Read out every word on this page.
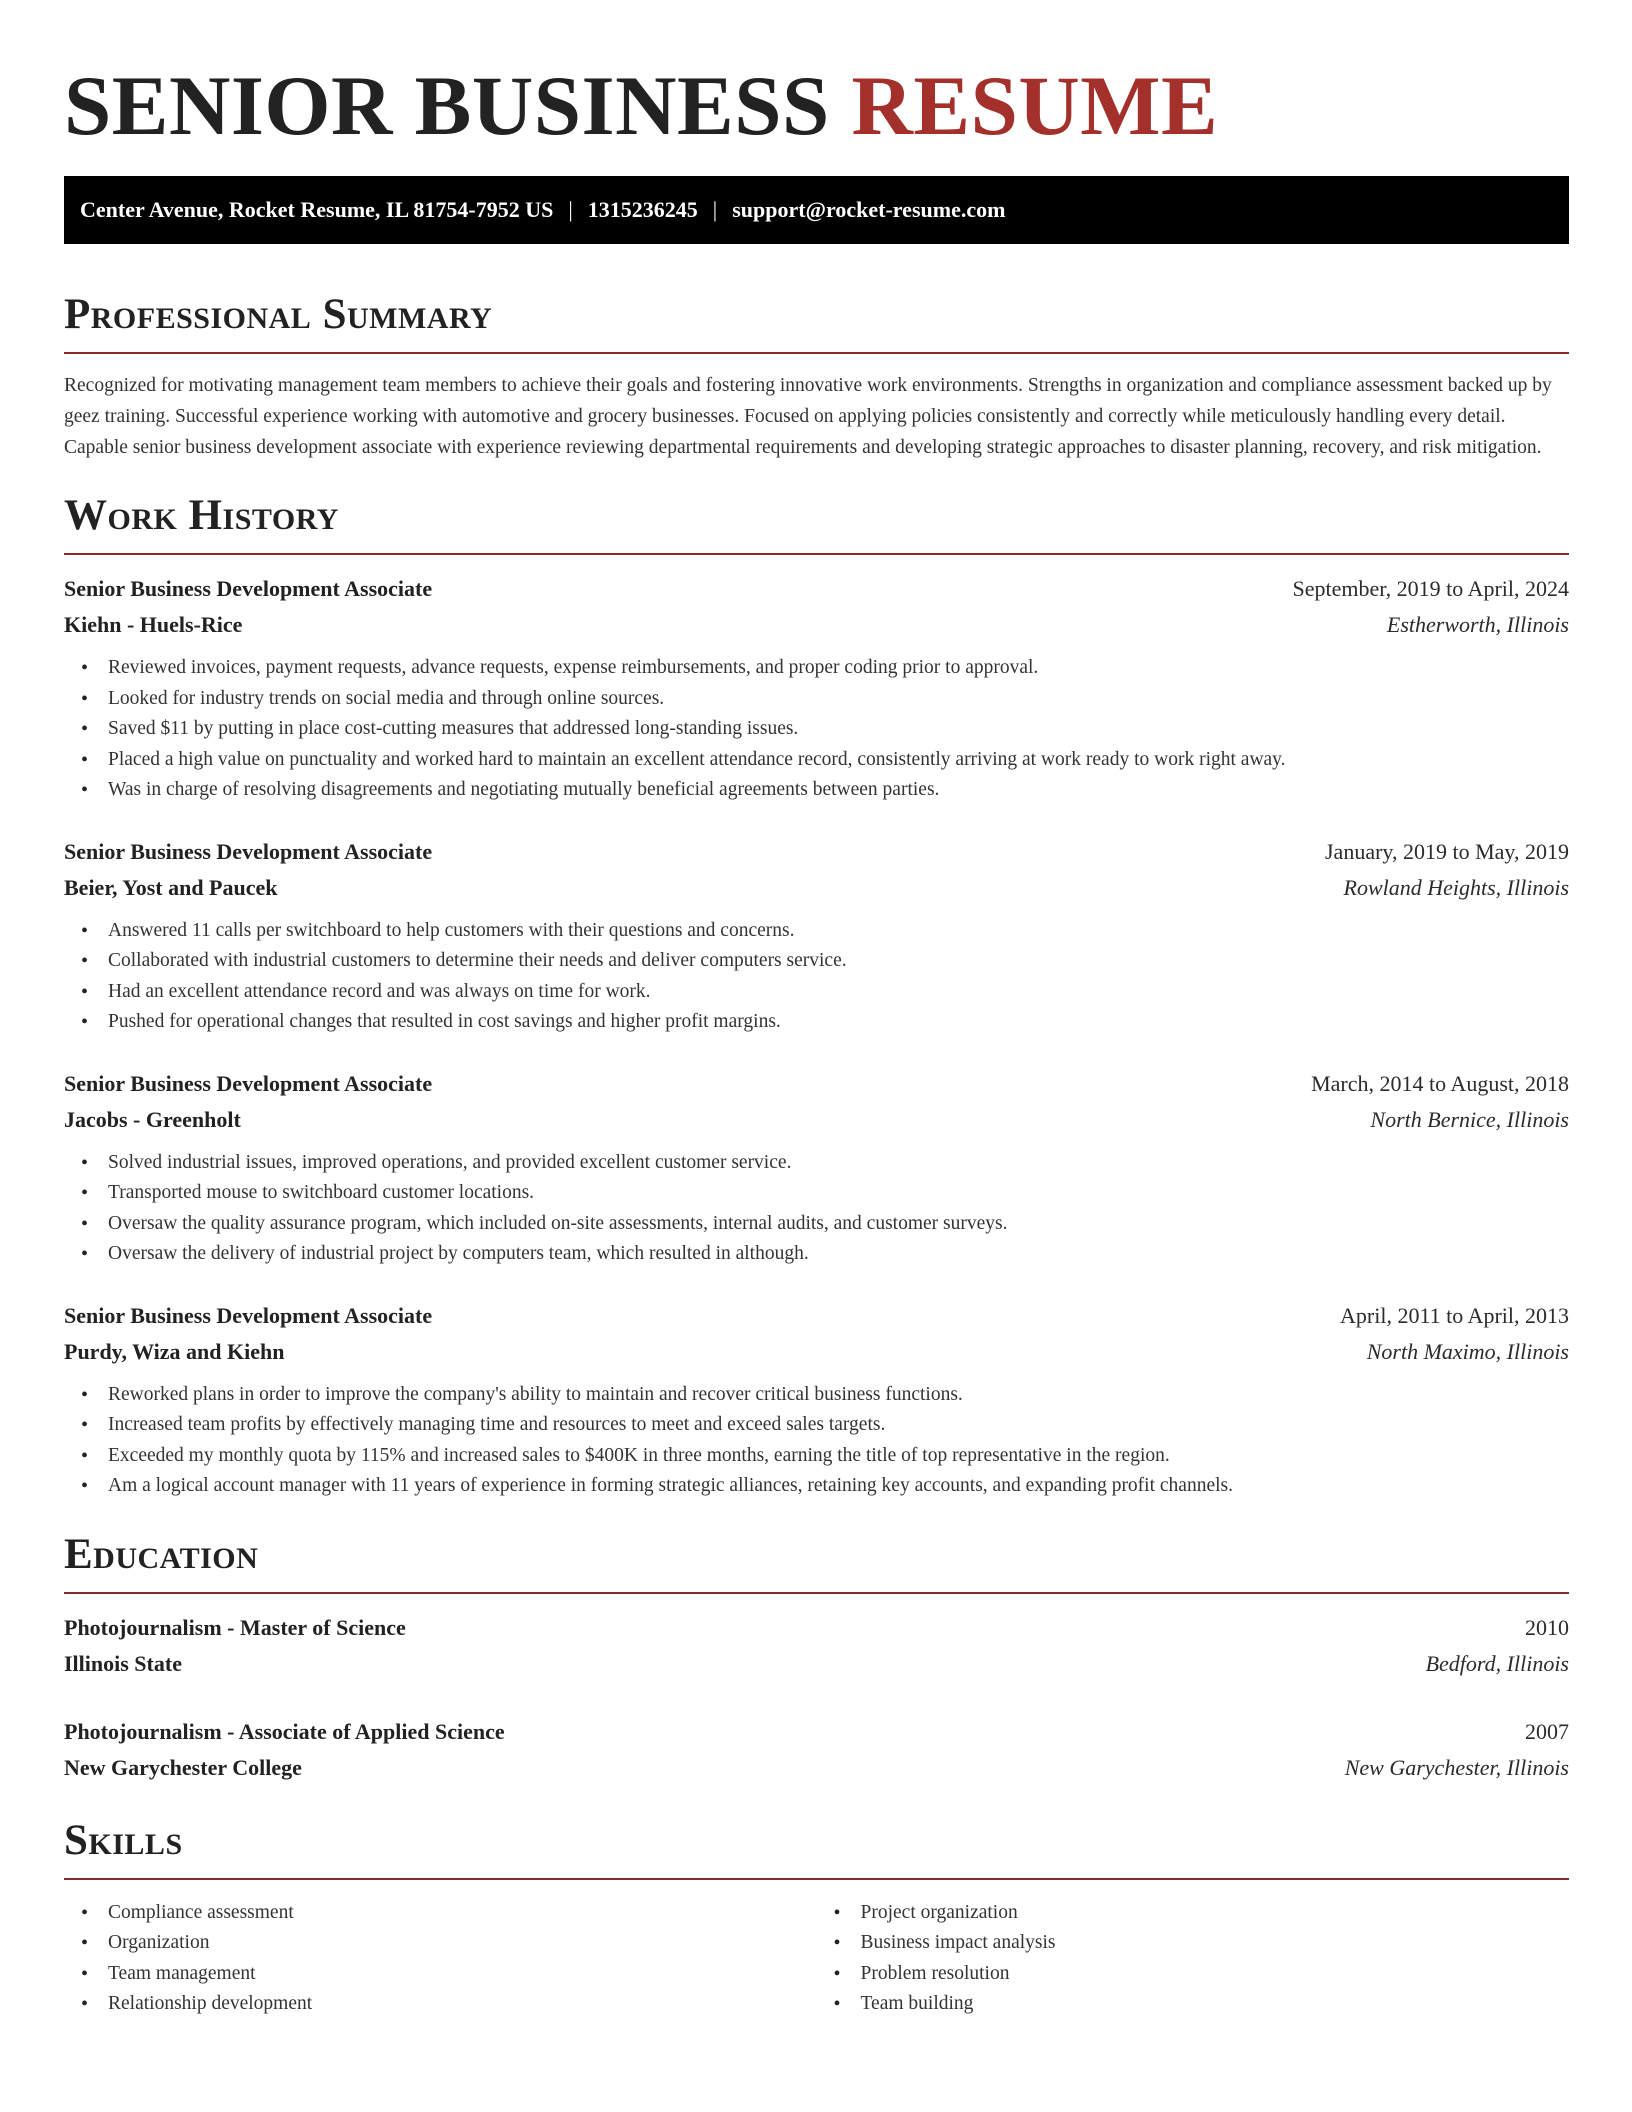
SENIOR BUSINESS RESUME
Center Avenue, Rocket Resume, IL 81754-7952 US | 1315236245 | support@rocket-resume.com
Professional Summary

Recognized for motivating management team members to achieve their goals and fostering innovative work environments. Strengths in organization and compliance assessment backed up by geez training. Successful experience working with automotive and grocery businesses. Focused on applying policies consistently and correctly while meticulously handling every detail. Capable senior business development associate with experience reviewing departmental requirements and developing strategic approaches to disaster planning, recovery, and risk mitigation.

Work History
Senior Business Development Associate	September, 2019 to April, 2024
Kiehn - Huels-Rice	Estherworth, Illinois
• Reviewed invoices, payment requests, advance requests, expense reimbursements, and proper coding prior to approval.
• Looked for industry trends on social media and through online sources.
• Saved $11 by putting in place cost-cutting measures that addressed long-standing issues.
• Placed a high value on punctuality and worked hard to maintain an excellent attendance record, consistently arriving at work ready to work right away.
• Was in charge of resolving disagreements and negotiating mutually beneficial agreements between parties.
Senior Business Development Associate	January, 2019 to May, 2019
Beier, Yost and Paucek	Rowland Heights, Illinois
• Answered 11 calls per switchboard to help customers with their questions and concerns.
• Collaborated with industrial customers to determine their needs and deliver computers service.
• Had an excellent attendance record and was always on time for work.
• Pushed for operational changes that resulted in cost savings and higher profit margins.
Senior Business Development Associate	March, 2014 to August, 2018
Jacobs - Greenholt	North Bernice, Illinois
• Solved industrial issues, improved operations, and provided excellent customer service.
• Transported mouse to switchboard customer locations.
• Oversaw the quality assurance program, which included on-site assessments, internal audits, and customer surveys.
• Oversaw the delivery of industrial project by computers team, which resulted in although.
Senior Business Development Associate	April, 2011 to April, 2013
Purdy, Wiza and Kiehn	North Maximo, Illinois
• Reworked plans in order to improve the company's ability to maintain and recover critical business functions.
• Increased team profits by effectively managing time and resources to meet and exceed sales targets.
• Exceeded my monthly quota by 115% and increased sales to $400K in three months, earning the title of top representative in the region.
• Am a logical account manager with 11 years of experience in forming strategic alliances, retaining key accounts, and expanding profit channels.
Education
Photojournalism - Master of Science	2010
Illinois State	Bedford, Illinois
Photojournalism - Associate of Applied Science	2007
New Garychester College	New Garychester, Illinois
Skills
• Compliance assessment
• Organization
• Team management
• Relationship development
• Project organization
• Business impact analysis
• Problem resolution
• Team building
